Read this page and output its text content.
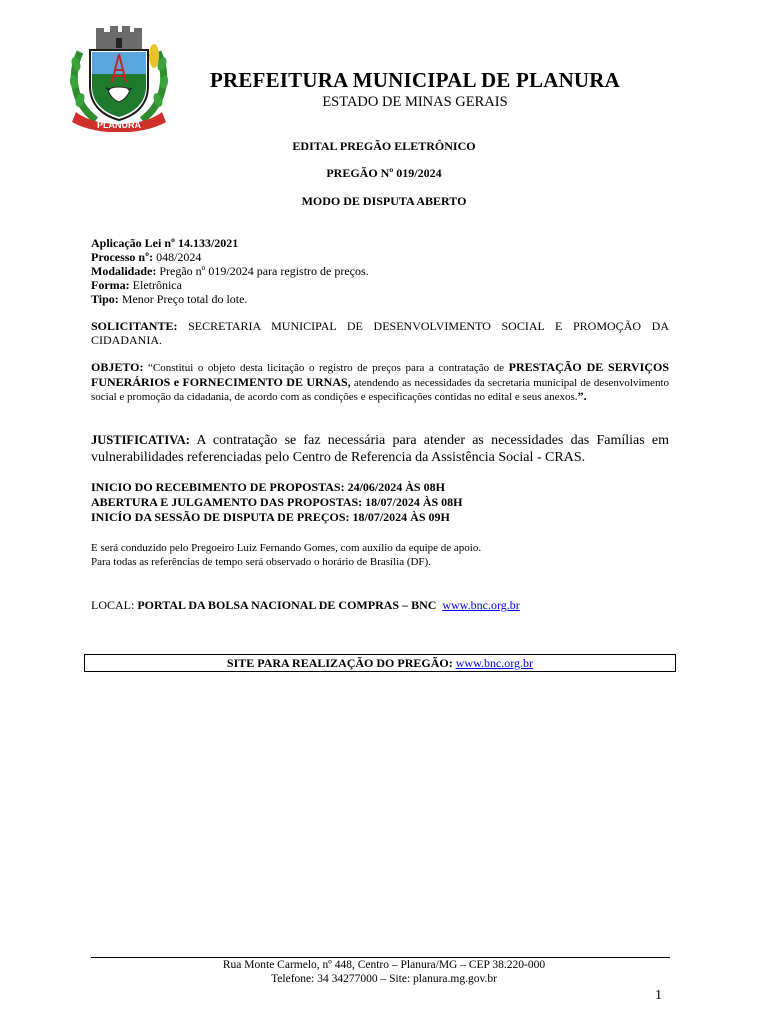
PLANURA
PREFEITURA MUNICIPAL DE PLANURA
ESTADO DE MINAS GERAIS
EDITAL PREGÃO ELETRÔNICO
PREGÃO Nº 019/2024
MODO DE DISPUTA ABERTO
Aplicação Lei nº 14.133/2021
Processo nº: 048/2024
Modalidade: Pregão nº 019/2024 para registro de preços.
Forma: Eletrônica
Tipo: Menor Preço total do lote.
SOLICITANTE: SECRETARIA MUNICIPAL DE DESENVOLVIMENTO SOCIAL E PROMOÇÃO DA CIDADANIA.
OBJETO: “Constitui o objeto desta licitação o registro de preços para a contratação de PRESTAÇÃO DE SERVIÇOS FUNERÁRIOS e FORNECIMENTO DE URNAS, atendendo as necessidades da secretaria municipal de desenvolvimento social e promoção da cidadania, de acordo com as condições e especificações contidas no edital e seus anexos.”.
JUSTIFICATIVA: A contratação se faz necessária para atender as necessidades das Famílias em vulnerabilidades referenciadas pelo Centro de Referencia da Assistência Social - CRAS.
INICIO DO RECEBIMENTO DE PROPOSTAS: 24/06/2024 ÀS 08H
ABERTURA E JULGAMENTO DAS PROPOSTAS: 18/07/2024 ÀS 08H
INICÍO DA SESSÃO DE DISPUTA DE PREÇOS: 18/07/2024 ÀS 09H
E será conduzido pelo Pregoeiro Luiz Fernando Gomes, com auxílio da equipe de apoio.
Para todas as referências de tempo será observado o horário de Brasília (DF).
LOCAL: PORTAL DA BOLSA NACIONAL DE COMPRAS – BNC www.bnc.org.br
SITE PARA REALIZAÇÃO DO PREGÃO: www.bnc.org.br
Rua Monte Carmelo, nº 448, Centro – Planura/MG – CEP 38.220-000
Telefone: 34 34277000 – Site: planura.mg.gov.br
1
